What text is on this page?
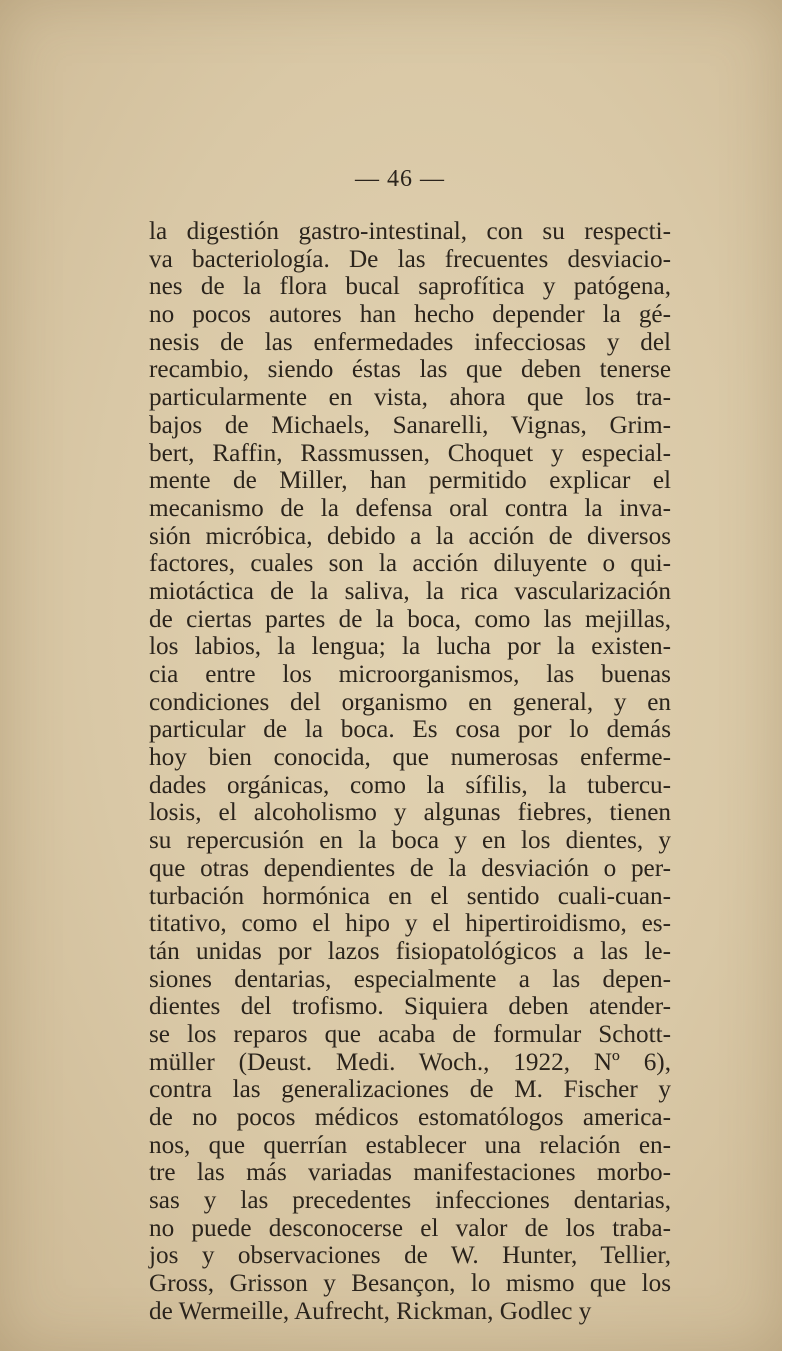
— 46 —
la digestión gastro-intestinal, con su respecti-
va bacteriología. De las frecuentes desviacio-
nes de la flora bucal saprofítica y patógena,
no pocos autores han hecho depender la gé-
nesis de las enfermedades infecciosas y del
recambio, siendo éstas las que deben tenerse
particularmente en vista, ahora que los tra-
bajos de Michaels, Sanarelli, Vignas, Grim-
bert, Raffin, Rassmussen, Choquet y especial-
mente de Miller, han permitido explicar el
mecanismo de la defensa oral contra la inva-
sión micróbica, debido a la acción de diversos
factores, cuales son la acción diluyente o qui-
miotáctica de la saliva, la rica vascularización
de ciertas partes de la boca, como las mejillas,
los labios, la lengua; la lucha por la existen-
cia entre los microorganismos, las buenas
condiciones del organismo en general, y en
particular de la boca. Es cosa por lo demás
hoy bien conocida, que numerosas enferme-
dades orgánicas, como la sífilis, la tubercu-
losis, el alcoholismo y algunas fiebres, tienen
su repercusión en la boca y en los dientes, y
que otras dependientes de la desviación o per-
turbación hormónica en el sentido cuali-cuan-
titativo, como el hipo y el hipertiroidismo, es-
tán unidas por lazos fisiopatológicos a las le-
siones dentarias, especialmente a las depen-
dientes del trofismo. Siquiera deben atender-
se los reparos que acaba de formular Schott-
müller (Deust. Medi. Woch., 1922, Nº 6),
contra las generalizaciones de M. Fischer y
de no pocos médicos estomatólogos america-
nos, que querrían establecer una relación en-
tre las más variadas manifestaciones morbo-
sas y las precedentes infecciones dentarias,
no puede desconocerse el valor de los traba-
jos y observaciones de W. Hunter, Tellier,
Gross, Grisson y Besançon, lo mismo que los
de Wermeille, Aufrecht, Rickman, Godlec y
